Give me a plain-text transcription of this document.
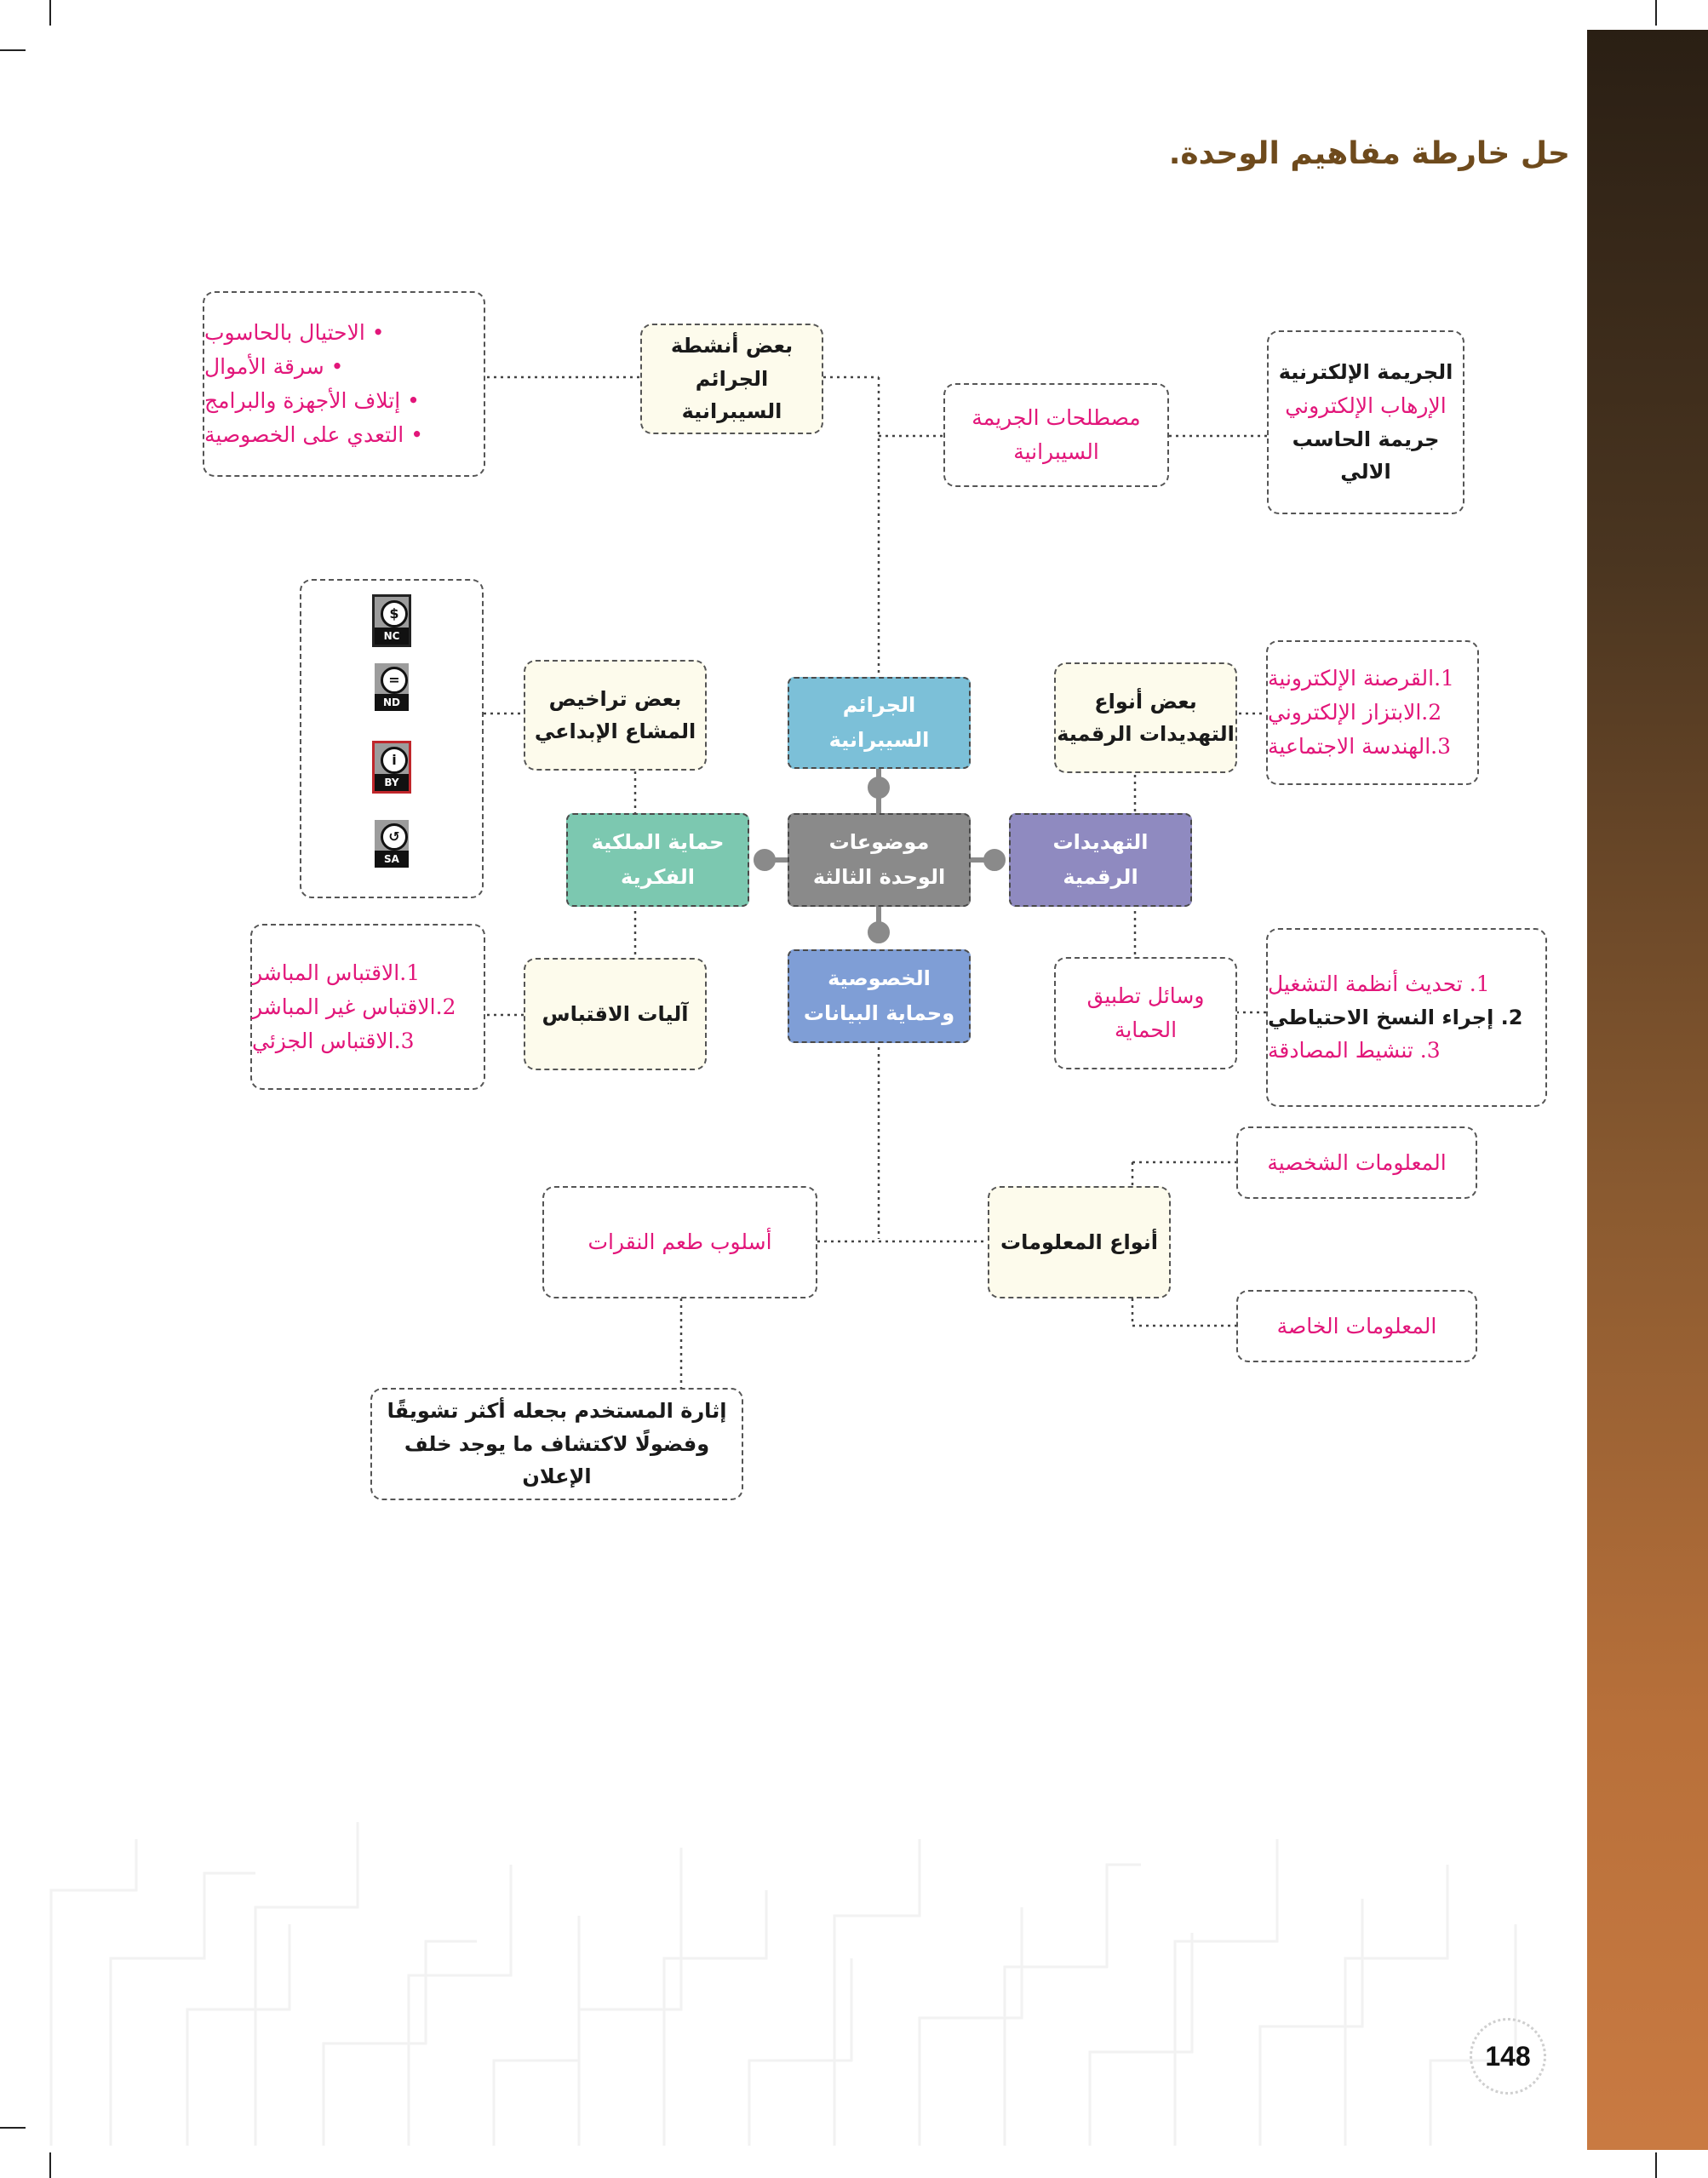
حل خارطة مفاهيم الوحدة.
موضوعات
الوحدة الثالثة
الجرائم
السيبرانية
التهديدات
الرقمية
حماية الملكية
الفكرية
الخصوصية
وحماية البيانات
بعض أنشطة
الجرائم السيبرانية
• الاحتيال بالحاسوب
• سرقة الأموال
• إتلاف الأجهزة والبرامج
• التعدي على الخصوصية
مصطلحات الجريمة
السيبرانية
الجريمة الإلكترنية
الإرهاب الإلكتروني
جريمة الحاسب الالي
بعض أنواع
التهديدات الرقمية
1.القرصنة الإلكترونية
2.الابتزاز الإلكتروني
3.الهندسة الاجتماعية
وسائل تطبيق
الحماية
1. تحديث أنظمة التشغيل
2. إجراء النسخ الاحتياطي
3. تنشيط المصادقة
بعض تراخيص
المشاع الإبداعي
$
NC
=
ND
i
BY
↺
SA
آليات الاقتباس
1.الاقتباس المباشر
2.الاقتباس غير المباشر
3.الاقتباس الجزئي
أنواع المعلومات
المعلومات الشخصية
المعلومات الخاصة
أسلوب طعم النقرات
إثارة المستخدم بجعله أكثر تشويقًا
وفضولًا لاكتشاف ما يوجد خلف الإعلان
148
